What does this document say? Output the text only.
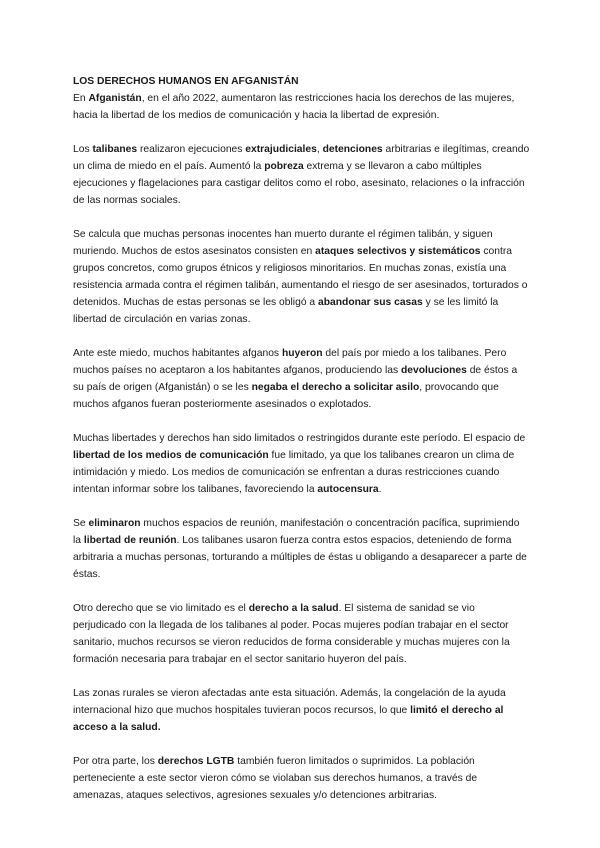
LOS DERECHOS HUMANOS EN AFGANISTÁN

En Afganistán, en el año 2022, aumentaron las restricciones hacia los derechos de las mujeres, hacia la libertad de los medios de comunicación y hacia la libertad de expresión.

Los talibanes realizaron ejecuciones extrajudiciales, detenciones arbitrarias e ilegítimas, creando un clima de miedo en el país. Aumentó la pobreza extrema y se llevaron a cabo múltiples ejecuciones y flagelaciones para castigar delitos como el robo, asesinato, relaciones o la infracción de las normas sociales.

Se calcula que muchas personas inocentes han muerto durante el régimen talibán, y siguen muriendo. Muchos de estos asesinatos consisten en ataques selectivos y sistemáticos contra grupos concretos, como grupos étnicos y religiosos minoritarios. En muchas zonas, existía una resistencia armada contra el régimen talibán, aumentando el riesgo de ser asesinados, torturados o detenidos. Muchas de estas personas se les obligó a abandonar sus casas y se les limitó la libertad de circulación en varias zonas.

Ante este miedo, muchos habitantes afganos huyeron del país por miedo a los talibanes. Pero muchos países no aceptaron a los habitantes afganos, produciendo las devoluciones de éstos a su país de origen (Afganistán) o se les negaba el derecho a solicitar asilo, provocando que muchos afganos fueran posteriormente asesinados o explotados.

Muchas libertades y derechos han sido limitados o restringidos durante este período. El espacio de libertad de los medios de comunicación fue limitado, ya que los talibanes crearon un clima de intimidación y miedo. Los medios de comunicación se enfrentan a duras restricciones cuando intentan informar sobre los talibanes, favoreciendo la autocensura.

Se eliminaron muchos espacios de reunión, manifestación o concentración pacífica, suprimiendo la libertad de reunión. Los talibanes usaron fuerza contra estos espacios, deteniendo de forma arbitraria a muchas personas, torturando a múltiples de éstas u obligando a desaparecer a parte de éstas.

Otro derecho que se vio limitado es el derecho a la salud. El sistema de sanidad se vio perjudicado con la llegada de los talibanes al poder. Pocas mujeres podían trabajar en el sector sanitario, muchos recursos se vieron reducidos de forma considerable y muchas mujeres con la formación necesaria para trabajar en el sector sanitario huyeron del país.

Las zonas rurales se vieron afectadas ante esta situación. Además, la congelación de la ayuda internacional hizo que muchos hospitales tuvieran pocos recursos, lo que limitó el derecho al acceso a la salud.

Por otra parte, los derechos LGTB también fueron limitados o suprimidos. La población perteneciente a este sector vieron cómo se violaban sus derechos humanos, a través de amenazas, ataques selectivos, agresiones sexuales y/o detenciones arbitrarias.
